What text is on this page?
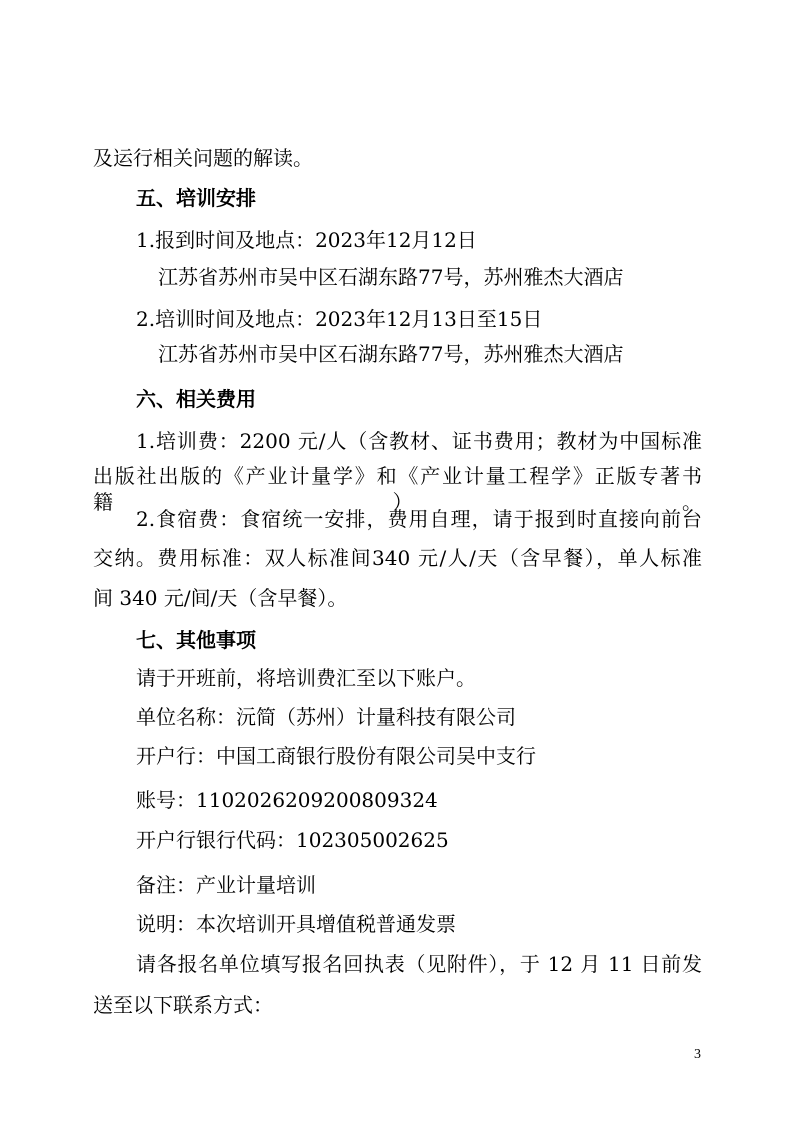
及运行相关问题的解读。
五、培训安排
1.报到时间及地点：2023年12月12日
江苏省苏州市吴中区石湖东路77号，苏州雅杰大酒店
2.培训时间及地点：2023年12月13日至15日
江苏省苏州市吴中区石湖东路77号，苏州雅杰大酒店
六、相关费用
1.培训费：2200 元/人（含教材、证书费用；教材为中国标准
出版社出版的《产业计量学》和《产业计量工程学》正版专著书籍）。
2.食宿费：食宿统一安排，费用自理，请于报到时直接向前台
交纳。费用标准：双人标准间340 元/人/天（含早餐），单人标准
间 340 元/间/天（含早餐）。
七、其他事项
请于开班前，将培训费汇至以下账户。
单位名称：沅简（苏州）计量科技有限公司
开户行：中国工商银行股份有限公司吴中支行
账号：1102026209200809324
开户行银行代码：102305002625
备注：产业计量培训
说明：本次培训开具增值税普通发票
请各报名单位填写报名回执表（见附件），于 12 月 11 日前发
送至以下联系方式：
3
